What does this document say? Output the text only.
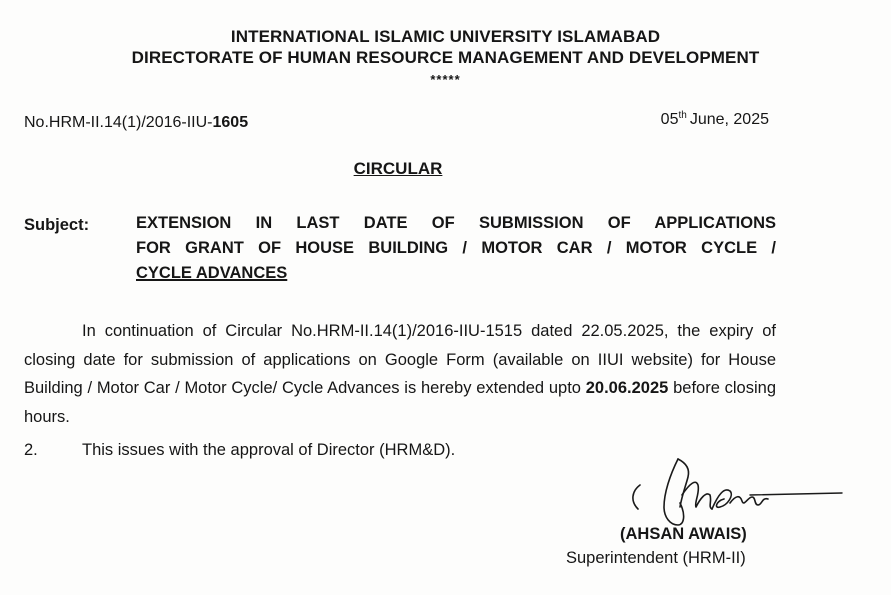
INTERNATIONAL ISLAMIC UNIVERSITY ISLAMABAD
DIRECTORATE OF HUMAN RESOURCE MANAGEMENT AND DEVELOPMENT
*****
No.HRM-II.14(1)/2016-IIU-1605	05th June, 2025
CIRCULAR
Subject:	EXTENSION IN LAST DATE OF SUBMISSION OF APPLICATIONS
FOR GRANT OF HOUSE BUILDING / MOTOR CAR / MOTOR CYCLE /
CYCLE ADVANCES
In continuation of Circular No.HRM-II.14(1)/2016-IIU-1515 dated 22.05.2025, the expiry of closing date for submission of applications on Google Form (available on IIUI website) for House Building / Motor Car / Motor Cycle/ Cycle Advances is hereby extended upto 20.06.2025 before closing hours.
2.	This issues with the approval of Director (HRM&D).
(AHSAN AWAIS)
Superintendent (HRM-II)
